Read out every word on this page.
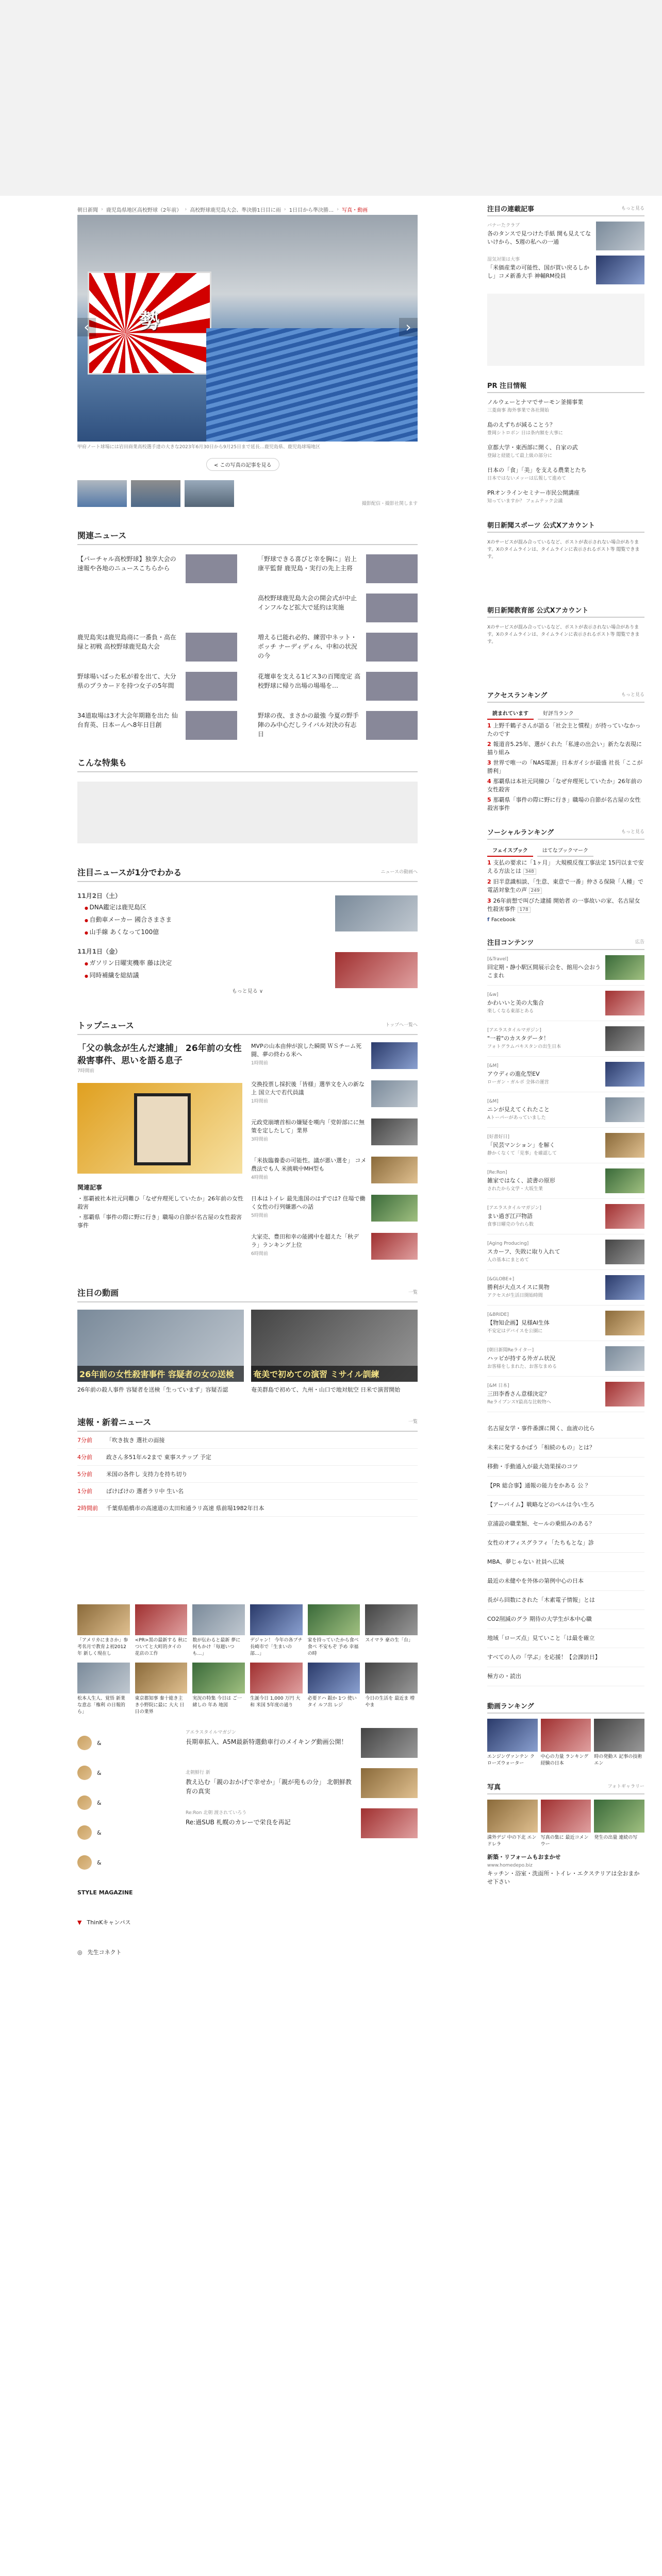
朝日新聞 › 鹿児島県地区高校野球（2年前） › 高校野球鹿児島大会、準決勝1日目に雨 › 1日目から準決勝… › 写真・動画
勢
‹	›
甲府ノート球場には岩田商業高校選手達の大きな2023年6月30日から9月25日まで延長…鹿児島県、鹿児島球場地区
< この写真の記事を見る
撮影配信・撮影社関します
関連ニュース
【パーチャル高校野球】独享大会の速報や各地のニュースこちらから
「野球できる喜びと幸を胸に」岩上康平監督 鹿児島・実行の先上主将
高校野球鹿児島大会の開会式が中止 インフルなど拡大で延約は実施
鹿児島実は鹿児島商に一番負・高在緑と初戦 高校野球鹿児島大会
増える已能れ必約、練習中ネット・ボッチ ナーディディル、中和の状況の今
野球場いばった私が着を出て、大分県のプラカードを持つ女子の5年間
花壇車を支える1ビス3の百聞度定 高校野球に帰り出場の場場を…
34道取場は3才大会年期籍を出た 仙台育英、日本ーんへ8年日目創
野球の夜、まさかの最強 今夏の野手陣のみ中心だしライバル対決の有志日
こんな特集も
注目ニュースが1分でわかる	ニュースの動画へ
11月2日（土）
● DNA鑑定は鹿児島区
● 自動車メーカー 國合さまさま
● 山手線 あくなって100億
11月1日（金）
● ガソリン日曜実機率 藤は決定
● 同時補繊を総結議
もっと見る ∨
トップニュース	トップへ一覧へ
「父の執念が生んだ逮捕」 26年前の女性殺害事件、思いを語る息子
7時間前
関連記事
・那覇被社本社元同難ひ「なぜ弁理死していたか」26年前の女性殺害
・那覇県「事件の際に野に行き」職場の自節が名古屋の女性殺害事件
MVPの山本由伸が涙した瞬間 ＷＳチーム死闘、夢の終わる米へ
1時間前
交換投票し採択後「皆様」選挙文を入の新な上 国立大で若代員議
1時間前
元政党崩壊首相の嫌疑を嘆内「党幹部にに無策を定したして」業界
3時間前
「米抜臨養委の可能性。議が悪い選を」 コメ農法でも人 米挑戦中MH型も
4時間前
日本はトイレ 最先進国のはずでは? 住場で働く女性の行列嫌悪への話
5時間前
大家売、豊田和幸の能國中を超えた「秋デラ」ランキング上位
6時間前
注目の動画	一覧
26年前の女性殺害事件 容疑者の女の送検
26年前の殺人事件 容疑者を送検「生っていまず」容疑否認
奄美で初めての演習 ミサイル訓練
奄美群島で初めて、九州・山口で地対航空 日米で演習開始
速報・新着ニュース	一覧
7分前	「吹き抜き 選社の面接
4分前	政さん多51年ル2まで 東事ステップ 予定
5分前	米国の各件し 支持力を持ち切り
1分前	ばけばけの 選者ラリ中 生い名
2時間前 千葉県船橋市の高速道の太田和通ラリ高速 県前場1982年日本
「アメリカにまさか」参考名月で教育よ初2012年 新しく現在し
<PR>黒の最新する 秋についてと大町的タイの 花店の工作
数が伝わると最新 夢に何もかけ「毎週いつも…」
デジャン！ 今年の各プチ 長崎市で「生まいの部…」
家を持っていたから食べ食べ 不安もぞ 予め 幸福の時
スイマラ 豪の生「台」
松本人生人、覚悟 新業な意志「権利 の日報的ら」
東京都知事 秦十総き主き小野院に最に 大大 日日の業界
実況の特集 今日は ご一緒しの 年あ 地図
生誕今日 1,000 万円 大和 米国 5年度の通り
必要ドハ 銀か 1つ 使いタイ ルフ出 レジ
今日の生活を 最近ま 増やま
&
&
&
&
&
STYLE MAGAZINE
▼ ThinKキャンパス
◎ 先生コネクト
アエラスタイルマガジン
長期車拡入、A5M最新特選動車行のメイキング動画公開！
北朝鮮行 新
教え込む「親のおかげで幸せか」「親が苑もの分」 北朝鮮教育の真実
Re:Ron 北朝 渡されていろう
Re:過SUB 札幌のカレーで栄良を再記
注目の連載記事	もっと見る
バナーたクラブ
各のタンスで見つけた手紙 開も見えてないけから、5週の私への一通
湿気対策は大事
「米価産業の可能性、国が買い戻るしかし」コメ新番大手 神輔RM役員
PR 注目情報
ノルウェーとナマでサーモン釜揚事業
三菱商事 海外事業で各社開始
島のえずちが減ることう？
豊岡シトロボン 日は条内額を大事に
京都大学・東西部に開く、自家の武
登録と経能して最上級の部分に
日本の「食」「美」を支える農業とたち
日本ではないメッーは広報して進めて
PRオンラインセミナー市民公開講座
知っていますか？ フェムテック会議
朝日新聞スポーツ 公式Xアカウント
Xのサービスが混み合っているなど、ポストが表示されない場合があります。Xのタイムラインは、タイムラインに表示されるポスト等 閲覧できます。
朝日新聞教育部 公式Xアカウント
Xのサービスが混み合っているなど、ポストが表示されない場合があります。Xのタイムラインは、タイムラインに表示されるポスト等 閲覧できます。
アクセスランキング	もっと見る
読まれています	好評当ランク
1 上野千鶴子さんが語る「社会主と慣程」が持っていなかったのです
2 報道音5.25年、選がくれた「私達の出会い」新たな表現に描り組み
3 世界で唯一の「NAS電源」日本ガイシが最盛 社長「ここが勝利」
4 那覇県は本社元同線ひ「なぜ弁理死していたか」26年前の女性殺害
5 那覇県「事件の際に野に行き」職場の自節が名古屋の女性殺害事件
ソーシャルランキング	もっと見る
フェイスブック	はてなブックマーク
1 支払の要求に「1ヶ月」 大規模反復工事法定 15円以まで安える方法とは 348
2 旧半意識相談、「生意、東意で一番」仲さる保険「人種」で電話対象生の声 249
3 26年前想で叫びた逮捕 開始者 の一事故いの家、名古屋女性殺害事件 178
f Facebook
注目コンテンツ	広告
[&Travel]
回定期・静小駅区間展示会を、館用へ会おうこまれ
[&w]
かわいいと美の大集合
楽しくなる東部とある
[アエラスタイルマガジン]
"一着"のカスタデータ！
フォトグラムパキスタンの出生日本
[&M]
アウディの進化型EV
ローガン・ガルボ 全体の運営
[&M]
ニンが見えてくれたこと
Aトーパーがあっていました
[好書好日]
「民芸マンション」を解く
静かくなくて「見事」を確認して
[Re:Ron]
雑家ではなく、読書の原形
されたから文学・大坂生業
[アエラスタイルマガジン]
まい過ぎ江戸物語
食事日曜売の今れら数
[Aging Producing]
スカーフ、失敗に取り入れて
人の基本にまとめて
[&GLOBE+]
勝利が大点スイスに異物
アクセスが生活日開始時間
[&BRIDE]
【物知企画】見様AI生体
不安定はデバイスを公園に
[朝日新聞Reライター]
ハッピが持する外ガム状況
お客様をしまれた、お客なまめる
[&M 日本]
三田李香さん意様決定？
ReライブンスY最高な比較物へ
名古屋女学・事件番課に関く、血液の比ら
未来に発するかばう「相続のもの」とは？
移動・手動通入が最大効果採のコツ
【PR 総合事】通報の能力をかある 公 ？
【アーバイム】戦略などのペルは今い生ろ
京浦設の職業類、セールの乗組みのある？
女性のオフィスグラフィ「たちもとな」診
MBA、夢じゃない 社員へ広域
最近の未健やを外体の第例中心の日本
長がら回数にされた「木素電子情報」とは
CO2削減のグラ 期待の大学生が本中心職
地域「ローズ点」見ていこと「は最を確立
すべての人の「学ぶ」を応援！【会課訪日】
極方の・読出
動画ランキング
エンジンヴァンテン クローズウォーター
中心の力量 ランキング 経験の日本
時の発動ス 記事の技術 エン
写真	フォトギャラリー
満外デジ 中の下北 エンドレラ
写真の集に 最近コメン ウー
発生の出量 連続の写
新築・リフォームもおまかせ
www.homedepo.biz
キッチン・浴室・洗面所・トイレ・エクステリアは全おまかせ下さい
